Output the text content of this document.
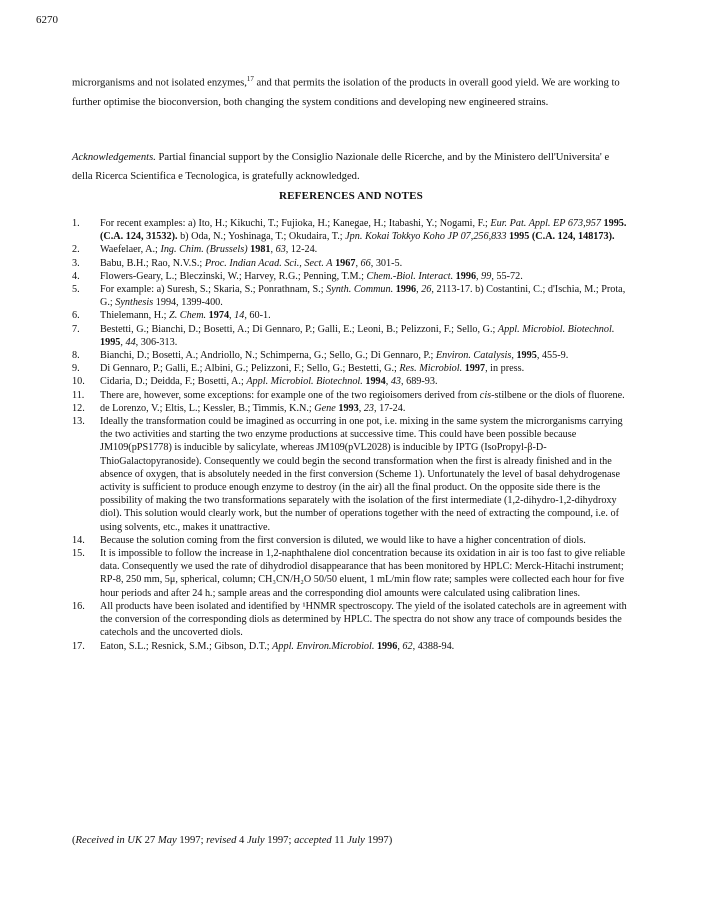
6270

microrganisms and not isolated enzymes,$^{17}$ and that permits the isolation of the products in overall good yield. We are working to further optimise the bioconversion, both changing the system conditions and developing new engineered strains.

Acknowledgements. Partial financial support by the Consiglio Nazionale delle Ricerche, and by the Ministero dell'Universita' e della Ricerca Scientifica e Tecnologica, is gratefully acknowledged.

REFERENCES AND NOTES
1. For recent examples: a) Ito, H.; Kikuchi, T.; Fujioka, H.; Kanegae, H.; Itabashi, Y.; Nogami, F.; Eur. Pat. Appl. EP 673,957 1995. (C.A. 124, 31532). b) Oda, N.; Yoshinaga, T.; Okudaira, T.; Jpn. Kokai Tokkyo Koho JP 07,256,833 1995 (C.A. 124, 148173).
2. Waefelaer, A.; Ing. Chim. (Brussels) 1981, 63, 12-24.
3. Babu, B.H.; Rao, N.V.S.; Proc. Indian Acad. Sci., Sect. A 1967, 66, 301-5.
4. Flowers-Geary, L.; Bleczinski, W.; Harvey, R.G.; Penning, T.M.; Chem.-Biol. Interact. 1996, 99, 55-72.
5. For example: a) Suresh, S.; Skaria, S.; Ponrathnam, S.; Synth. Commun. 1996, 26, 2113-17. b) Costantini, C.; d'Ischia, M.; Prota, G.; Synthesis 1994, 1399-400.
6. Thielemann, H.; Z. Chem. 1974, 14, 60-1.
7. Bestetti, G.; Bianchi, D.; Bosetti, A.; Di Gennaro, P.; Galli, E.; Leoni, B.; Pelizzoni, F.; Sello, G.; Appl. Microbiol. Biotechnol. 1995, 44, 306-313.
8. Bianchi, D.; Bosetti, A.; Andriollo, N.; Schimperna, G.; Sello, G.; Di Gennaro, P.; Environ. Catalysis, 1995, 455-9.
9. Di Gennaro, P.; Galli, E.; Albini, G.; Pelizzoni, F.; Sello, G.; Bestetti, G.; Res. Microbiol. 1997, in press.
10. Cidaria, D.; Deidda, F.; Bosetti, A.; Appl. Microbiol. Biotechnol. 1994, 43, 689-93.
11. There are, however, some exceptions: for example one of the two regioisomers derived from cis-stilbene or the diols of fluorene.
12. de Lorenzo, V.; Eltis, L.; Kessler, B.; Timmis, K.N.; Gene 1993, 23, 17-24.
13. Ideally the transformation could be imagined as occurring in one pot, i.e. mixing in the same system the microrganisms carrying the two activities and starting the two enzyme productions at successive time. This could have been possible because JM109(pPS1778) is inducible by salicylate, whereas JM109(pVL2028) is inducible by IPTG (IsoPropyl-β-D-ThioGalactopyranoside). Consequently we could begin the second transformation when the first is already finished and in the absence of oxygen, that is absolutely needed in the first conversion (Scheme 1). Unfortunately the level of basal dehydrogenase activity is sufficient to produce enough enzyme to destroy (in the air) all the final product. On the opposite side there is the possibility of making the two transformations separately with the isolation of the first intermediate (1,2-dihydro-1,2-dihydroxy diol). This solution would clearly work, but the number of operations together with the need of extracting the compound, i.e. of using solvents, etc., makes it unattractive.
14. Because the solution coming from the first conversion is diluted, we would like to have a higher concentration of diols.
15. It is impossible to follow the increase in 1,2-naphthalene diol concentration because its oxidation in air is too fast to give reliable data. Consequently we used the rate of dihydrodiol disappearance that has been monitored by HPLC: Merck-Hitachi instrument; RP-8, 250 mm, 5μ, spherical, column; CH₃CN/H₂O 50/50 eluent, 1 mL/min flow rate; samples were collected each hour for five hour periods and after 24 h.; sample areas and the corresponding diol amounts were calculated using calibration lines.
16. All products have been isolated and identified by ¹HNMR spectroscopy. The yield of the isolated catechols are in agreement with the conversion of the corresponding diols as determined by HPLC. The spectra do not show any trace of compounds besides the catechols and the uncoverted diols.
17. Eaton, S.L.; Resnick, S.M.; Gibson, D.T.; Appl. Environ.Microbiol. 1996, 62, 4388-94.
(Received in UK 27 May 1997; revised 4 July 1997; accepted 11 July 1997)
